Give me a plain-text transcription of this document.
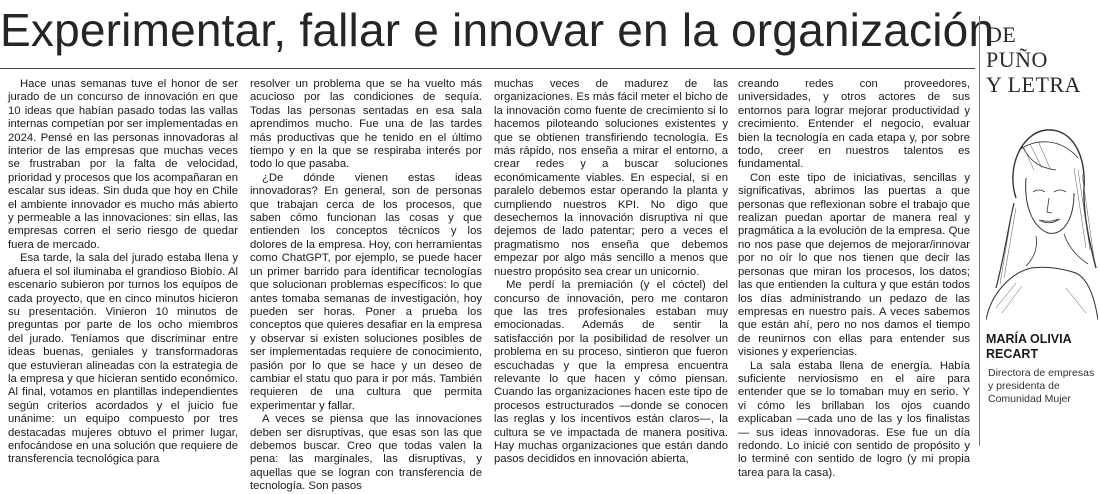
Experimentar, fallar e innovar en la organización

Hace unas semanas tuve el honor de ser jurado de un concurso de innovación en que 10 ideas que habían pasado todas las vallas internas competían por ser implementadas en 2024. Pensé en las personas innovadoras al interior de las empresas que muchas veces se frustraban por la falta de velocidad, prioridad y procesos que los acompañaran en escalar sus ideas. Sin duda que hoy en Chile el ambiente innovador es mucho más abierto y permeable a las innovaciones: sin ellas, las empresas corren el serio riesgo de quedar fuera de mercado.

Esa tarde, la sala del jurado estaba llena y afuera el sol iluminaba el grandioso Biobío. Al escenario subieron por turnos los equipos de cada proyecto, que en cinco minutos hicieron su presentación. Vinieron 10 minutos de preguntas por parte de los ocho miembros del jurado. Teníamos que discriminar entre ideas buenas, geniales y transformadoras que estuvieran alineadas con la estrategia de la empresa y que hicieran sentido económico. Al final, votamos en plantillas independientes según criterios acordados y el juicio fue unánime: un equipo compuesto por tres destacadas mujeres obtuvo el primer lugar, enfocándose en una solución que requiere de transferencia tecnológica para

resolver un problema que se ha vuelto más acucioso por las condiciones de sequía. Todas las personas sentadas en esa sala aprendimos mucho. Fue una de las tardes más productivas que he tenido en el último tiempo y en la que se respiraba interés por todo lo que pasaba.

¿De dónde vienen estas ideas innovadoras? En general, son de personas que trabajan cerca de los procesos, que saben cómo funcionan las cosas y que entienden los conceptos técnicos y los dolores de la empresa. Hoy, con herramientas como ChatGPT, por ejemplo, se puede hacer un primer barrido para identificar tecnologías que solucionan problemas específicos: lo que antes tomaba semanas de investigación, hoy pueden ser horas. Poner a prueba los conceptos que quieres desafiar en la empresa y observar si existen soluciones posibles de ser implementadas requiere de conocimiento, pasión por lo que se hace y un deseo de cambiar el statu quo para ir por más. También requieren de una cultura que permita experimentar y fallar.

A veces se piensa que las innovaciones deben ser disruptivas, que esas son las que debemos buscar. Creo que todas valen la pena: las marginales, las disruptivas, y aquellas que se logran con transferencia de tecnología. Son pasos

muchas veces de madurez de las organizaciones. Es más fácil meter el bicho de la innovación como fuente de crecimiento si lo hacemos piloteando soluciones existentes y que se obtienen transfiriendo tecnología. Es más rápido, nos enseña a mirar el entorno, a crear redes y a buscar soluciones económicamente viables. En especial, si en paralelo debemos estar operando la planta y cumpliendo nuestros KPI. No digo que desechemos la innovación disruptiva ni que dejemos de lado patentar; pero a veces el pragmatismo nos enseña que debemos empezar por algo más sencillo a menos que nuestro propósito sea crear un unicornio.

Me perdí la premiación (y el cóctel) del concurso de innovación, pero me contaron que las tres profesionales estaban muy emocionadas. Además de sentir la satisfacción por la posibilidad de resolver un problema en su proceso, sintieron que fueron escuchadas y que la empresa encuentra relevante lo que hacen y cómo piensan. Cuando las organizaciones hacen este tipo de procesos estructurados —donde se conocen las reglas y los incentivos están claros—, la cultura se ve impactada de manera positiva. Hay muchas organizaciones que están dando pasos decididos en innovación abierta,

creando redes con proveedores, universidades, y otros actores de sus entornos para lograr mejorar productividad y crecimiento. Entender el negocio, evaluar bien la tecnología en cada etapa y, por sobre todo, creer en nuestros talentos es fundamental.

Con este tipo de iniciativas, sencillas y significativas, abrimos las puertas a que personas que reflexionan sobre el trabajo que realizan puedan aportar de manera real y pragmática a la evolución de la empresa. Que no nos pase que dejemos de mejorar/innovar por no oír lo que nos tienen que decir las personas que miran los procesos, los datos; las que entienden la cultura y que están todos los días administrando un pedazo de las empresas en nuestro país. A veces sabemos que están ahí, pero no nos damos el tiempo de reunirnos con ellas para entender sus visiones y experiencias.

La sala estaba llena de energía. Había suficiente nerviosismo en el aire para entender que se lo tomaban muy en serio. Y vi cómo les brillaban los ojos cuando explicaban —cada uno de las y los finalistas— sus ideas innovadoras. Ese fue un día redondo. Lo inicié con sentido de propósito y lo terminé con sentido de logro (y mi propia tarea para la casa).

DE
PUÑO
Y LETRA
MARÍA OLIVIA
RECART
Directora de empresas
y presidenta de
Comunidad Mujer
